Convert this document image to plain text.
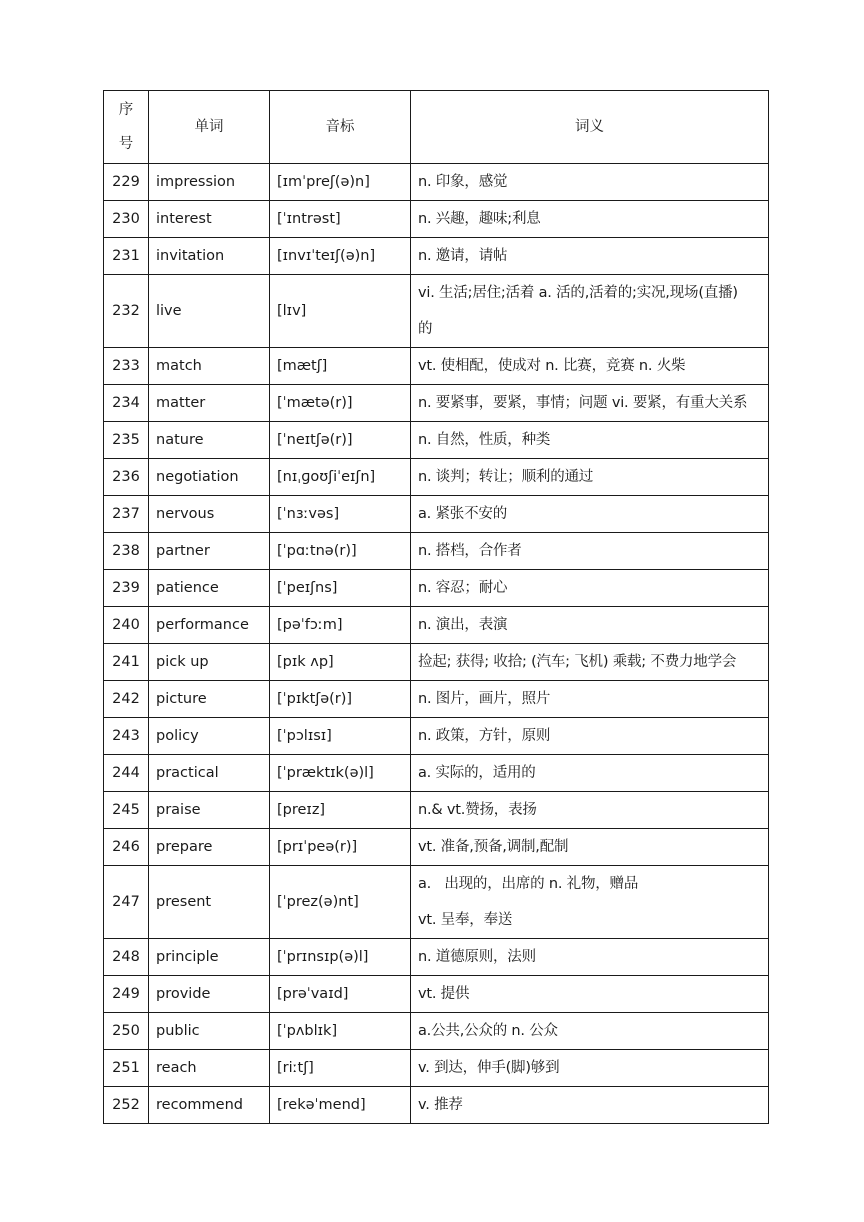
序
号	单词	音标	词义
229	impression	[ɪmˈpreʃ(ə)n]	n. 印象，感觉

230	interest	[ˈɪntrəst]	n. 兴趣，趣味;利息

231	invitation	[ɪnvɪˈteɪʃ(ə)n]	n. 邀请，请帖

232	live	[lɪv]	vi. 生活;居住;活着 a. 活的,活着的;实况,现场(直播)
的

233	match	[mætʃ]	vt. 使相配，使成对 n. 比赛，竞赛 n. 火柴

234	matter	[ˈmætə(r)]	n. 要紧事，要紧，事情；问题 vi. 要紧，有重大关系

235	nature	[ˈneɪtʃə(r)]	n. 自然，性质，种类

236	negotiation	[nɪˌɡoʊʃiˈeɪʃn]	n. 谈判；转让；顺利的通过

237	nervous	[ˈnɜːvəs]	a. 紧张不安的

238	partner	[ˈpɑːtnə(r)]	n. 搭档，合作者

239	patience	[ˈpeɪʃns]	n. 容忍；耐心

240	performance	[pəˈfɔːm]	n. 演出，表演

241	pick up	[pɪk ʌp]	捡起; 获得; 收拾; (汽车; 飞机) 乘载; 不费力地学会

242	picture	[ˈpɪktʃə(r)]	n. 图片，画片，照片

243	policy	[ˈpɔlɪsɪ]	n. 政策，方针，原则

244	practical	[ˈpræktɪk(ə)l]	a. 实际的，适用的

245	praise	[preɪz]	n.& vt.赞扬，表扬

246	prepare	[prɪˈpeə(r)]	vt. 准备,预备,调制,配制

247	present	[ˈprez(ə)nt]	a.   出现的，出席的 n. 礼物，赠品
vt. 呈奉，奉送

248	principle	[ˈprɪnsɪp(ə)l]	n. 道德原则，法则

249	provide	[prəˈvaɪd]	vt. 提供

250	public	[ˈpʌblɪk]	a.公共,公众的 n. 公众

251	reach	[riːtʃ]	v. 到达，伸手(脚)够到

252	recommend	[rekəˈmend]	v. 推荐
